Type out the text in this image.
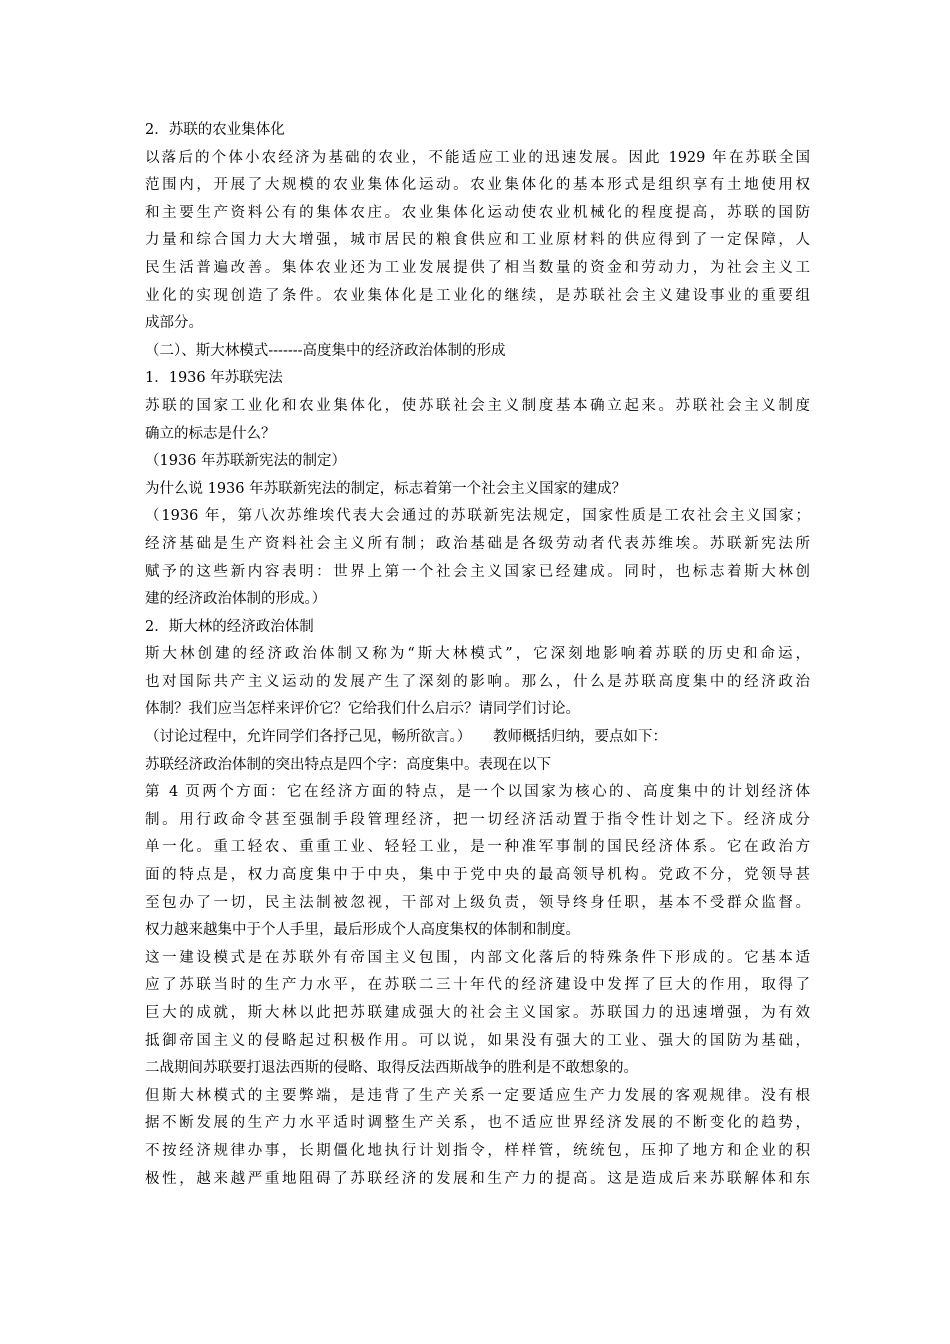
2．苏联的农业集体化
以落后的个体小农经济为基础的农业，不能适应工业的迅速发展。因此 1929 年在苏联全国
范围内，开展了大规模的农业集体化运动。农业集体化的基本形式是组织享有土地使用权
和主要生产资料公有的集体农庄。农业集体化运动使农业机械化的程度提高，苏联的国防
力量和综合国力大大增强，城市居民的粮食供应和工业原材料的供应得到了一定保障，人
民生活普遍改善。集体农业还为工业发展提供了相当数量的资金和劳动力，为社会主义工
业化的实现创造了条件。农业集体化是工业化的继续，是苏联社会主义建设事业的重要组
成部分。
（二）、斯大林模式-------高度集中的经济政治体制的形成
1．1936 年苏联宪法
苏联的国家工业化和农业集体化，使苏联社会主义制度基本确立起来。苏联社会主义制度
确立的标志是什么？
（1936 年苏联新宪法的制定）
为什么说 1936 年苏联新宪法的制定，标志着第一个社会主义国家的建成？
（1936 年，第八次苏维埃代表大会通过的苏联新宪法规定，国家性质是工农社会主义国家；
经济基础是生产资料社会主义所有制；政治基础是各级劳动者代表苏维埃。苏联新宪法所
赋予的这些新内容表明：世界上第一个社会主义国家已经建成。同时，也标志着斯大林创
建的经济政治体制的形成。）
2．斯大林的经济政治体制
斯大林创建的经济政治体制又称为“斯大林模式”，它深刻地影响着苏联的历史和命运，
也对国际共产主义运动的发展产生了深刻的影响。那么，什么是苏联高度集中的经济政治
体制？我们应当怎样来评价它？它给我们什么启示？请同学们讨论。
（讨论过程中，允许同学们各抒己见，畅所欲言。）　　教师概括归纳，要点如下：
苏联经济政治体制的突出特点是四个字：高度集中。表现在以下
第 4 页两个方面：它在经济方面的特点，是一个以国家为核心的、高度集中的计划经济体
制。用行政命令甚至强制手段管理经济，把一切经济活动置于指令性计划之下。经济成分
单一化。重工轻农、重重工业、轻轻工业，是一种准军事制的国民经济体系。它在政治方
面的特点是，权力高度集中于中央，集中于党中央的最高领导机构。党政不分，党领导甚
至包办了一切，民主法制被忽视，干部对上级负责，领导终身任职，基本不受群众监督。
权力越来越集中于个人手里，最后形成个人高度集权的体制和制度。
这一建设模式是在苏联外有帝国主义包围，内部文化落后的特殊条件下形成的。它基本适
应了苏联当时的生产力水平，在苏联二三十年代的经济建设中发挥了巨大的作用，取得了
巨大的成就，斯大林以此把苏联建成强大的社会主义国家。苏联国力的迅速增强，为有效
抵御帝国主义的侵略起过积极作用。可以说，如果没有强大的工业、强大的国防为基础，
二战期间苏联要打退法西斯的侵略、取得反法西斯战争的胜利是不敢想象的。
但斯大林模式的主要弊端，是违背了生产关系一定要适应生产力发展的客观规律。没有根
据不断发展的生产力水平适时调整生产关系，也不适应世界经济发展的不断变化的趋势，
不按经济规律办事，长期僵化地执行计划指令，样样管，统统包，压抑了地方和企业的积
极性，越来越严重地阻碍了苏联经济的发展和生产力的提高。这是造成后来苏联解体和东
